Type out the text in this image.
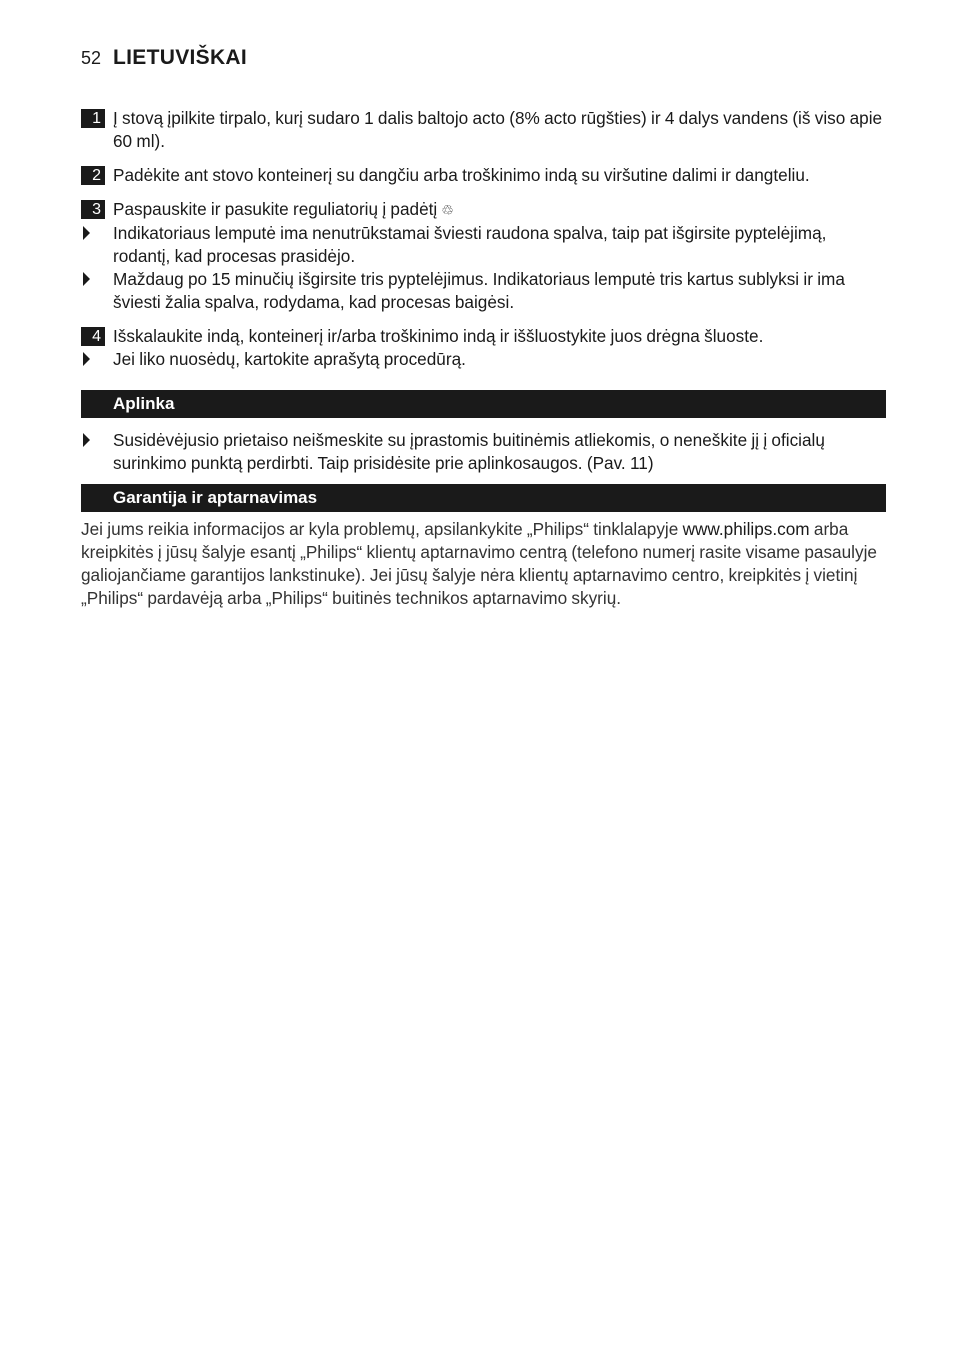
52 LIETUVIŠKAI
1 Į stovą įpilkite tirpalo, kurį sudaro 1 dalis baltojo acto (8% acto rūgšties) ir 4 dalys vandens (iš viso apie 60 ml).
2 Padėkite ant stovo konteinerį su dangčiu arba troškinimo indą su viršutine dalimi ir dangteliu.
3 Paspauskite ir pasukite reguliatorių į padėtį ♲
Indikatoriaus lemputė ima nenutrūkstamai šviesti raudona spalva, taip pat išgirsite pyptelėjimą, rodantį, kad procesas prasidėjo.
Maždaug po 15 minučių išgirsite tris pyptelėjimus. Indikatoriaus lemputė tris kartus sublyksi ir ima šviesti žalia spalva, rodydama, kad procesas baigėsi.
4 Išskalaukite indą, konteinerį ir/arba troškinimo indą ir iššluostykite juos drėgna šluoste.
Jei liko nuosėdų, kartokite aprašytą procedūrą.
Aplinka
Susidėvėjusio prietaiso neišmeskite su įprastomis buitinėmis atliekomis, o neneškite jį į oficialų surinkimo punktą perdirbti. Taip prisidėsite prie aplinkosaugos. (Pav. 11)
Garantija ir aptarnavimas
Jei jums reikia informacijos ar kyla problemų, apsilankykite „Philips“ tinklalapyje www.philips.com arba kreipkitės į jūsų šalyje esantį „Philips“ klientų aptarnavimo centrą (telefono numerį rasite visame pasaulyje galiojančiame garantijos lankstinuke). Jei jūsų šalyje nėra klientų aptarnavimo centro, kreipkitės į vietinį „Philips“ pardavėją arba „Philips“ buitinės technikos aptarnavimo skyrių.
